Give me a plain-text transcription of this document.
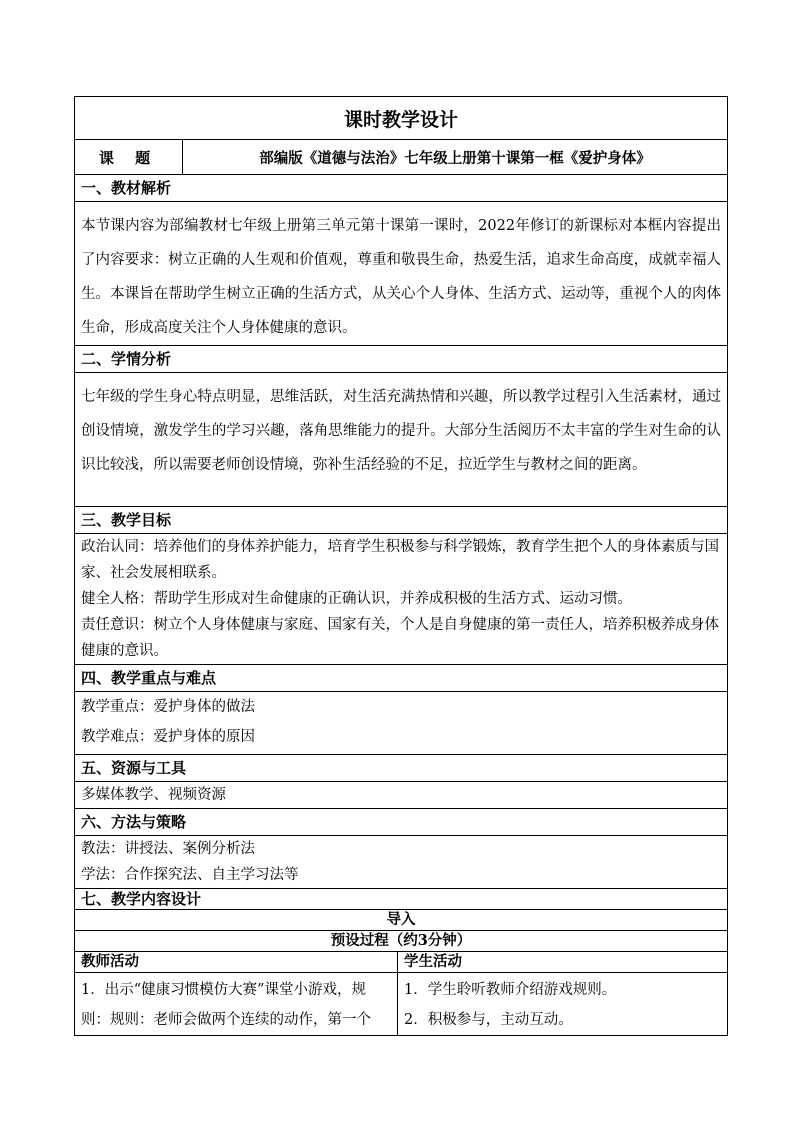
课时教学设计		
课 题	部编版《道德与法治》七年级上册第十课第一框《爱护身体》	
一、教材解析		
本节课内容为部编教材七年级上册第三单元第十课第一课时，2022年修订的新课标对本框内容提出了内容要求：树立正确的人生观和价值观，尊重和敬畏生命，热爱生活，追求生命高度，成就幸福人生。本课旨在帮助学生树立正确的生活方式，从关心个人身体、生活方式、运动等，重视个人的肉体生命，形成高度关注个人身体健康的意识。		
二、学情分析		
七年级的学生身心特点明显，思维活跃，对生活充满热情和兴趣，所以教学过程引入生活素材，通过创设情境，激发学生的学习兴趣，落角思维能力的提升。大部分生活阅历不太丰富的学生对生命的认识比较浅，所以需要老师创设情境，弥补生活经验的不足，拉近学生与教材之间的距离。		
三、教学目标		

政治认同：培养他们的身体养护能力，培育学生积极参与科学锻炼，教育学生把个人的身体素质与国家、社会发展相联系。

健全人格：帮助学生形成对生命健康的正确认识，并养成积极的生活方式、运动习惯。

责任意识：树立个人身体健康与家庭、国家有关，个人是自身健康的第一责任人，培养积极养成身体健康的意识。		

四、教学重点与难点		

教学重点：爱护身体的做法

教学难点：爱护身体的原因		

五、资源与工具		
多媒体教学、视频资源		
六、方法与策略		

教法：讲授法、案例分析法

学法：合作探究法、自主学习法等		

七、教学内容设计		
导入		
预设过程（约3分钟）		
教师活动		学生活动
1．出示“健康习惯模仿大赛”课堂小游戏，规则：规则：老师会做两个连续的动作，第一个		1．学生聆听教师介绍游戏规则。

2．积极参与，主动互动。
